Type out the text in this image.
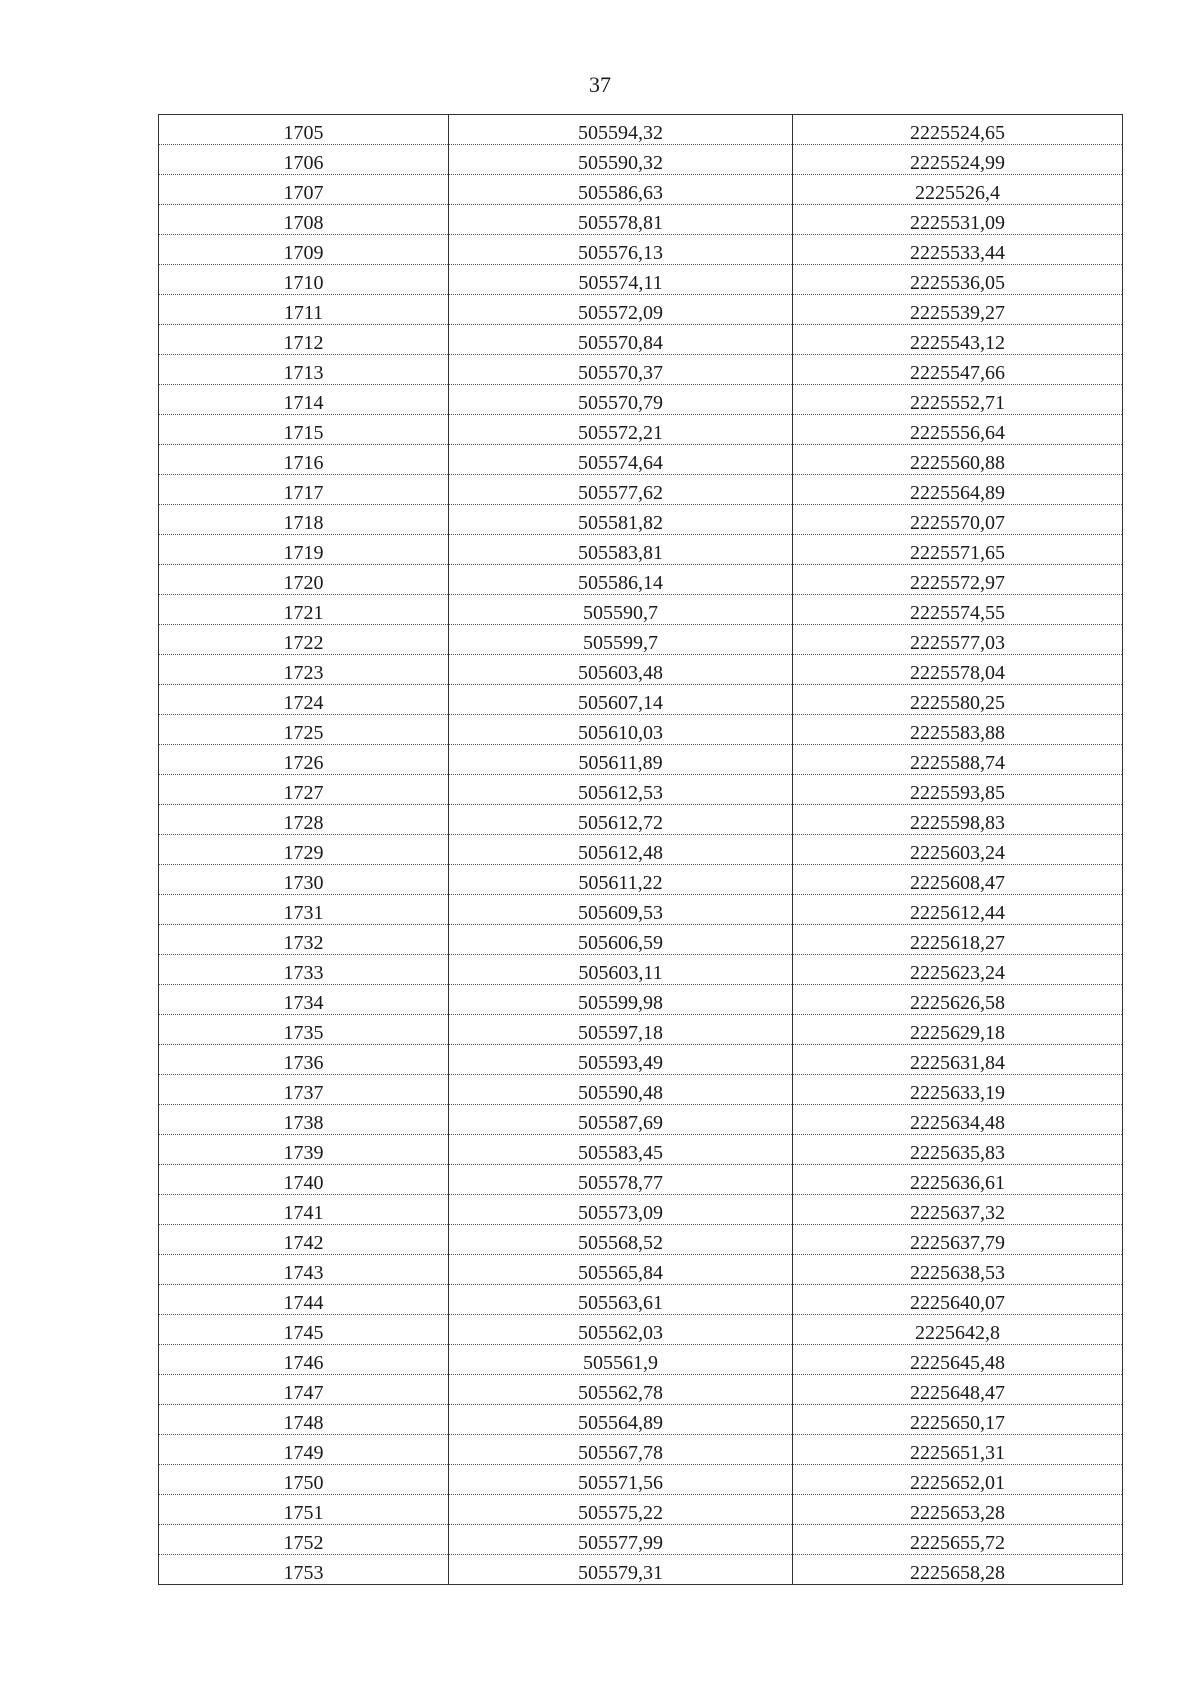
37
1705	505594,32	2225524,65
1706	505590,32	2225524,99
1707	505586,63	2225526,4
1708	505578,81	2225531,09
1709	505576,13	2225533,44
1710	505574,11	2225536,05
1711	505572,09	2225539,27
1712	505570,84	2225543,12
1713	505570,37	2225547,66
1714	505570,79	2225552,71
1715	505572,21	2225556,64
1716	505574,64	2225560,88
1717	505577,62	2225564,89
1718	505581,82	2225570,07
1719	505583,81	2225571,65
1720	505586,14	2225572,97
1721	505590,7	2225574,55
1722	505599,7	2225577,03
1723	505603,48	2225578,04
1724	505607,14	2225580,25
1725	505610,03	2225583,88
1726	505611,89	2225588,74
1727	505612,53	2225593,85
1728	505612,72	2225598,83
1729	505612,48	2225603,24
1730	505611,22	2225608,47
1731	505609,53	2225612,44
1732	505606,59	2225618,27
1733	505603,11	2225623,24
1734	505599,98	2225626,58
1735	505597,18	2225629,18
1736	505593,49	2225631,84
1737	505590,48	2225633,19
1738	505587,69	2225634,48
1739	505583,45	2225635,83
1740	505578,77	2225636,61
1741	505573,09	2225637,32
1742	505568,52	2225637,79
1743	505565,84	2225638,53
1744	505563,61	2225640,07
1745	505562,03	2225642,8
1746	505561,9	2225645,48
1747	505562,78	2225648,47
1748	505564,89	2225650,17
1749	505567,78	2225651,31
1750	505571,56	2225652,01
1751	505575,22	2225653,28
1752	505577,99	2225655,72
1753	505579,31	2225658,28
